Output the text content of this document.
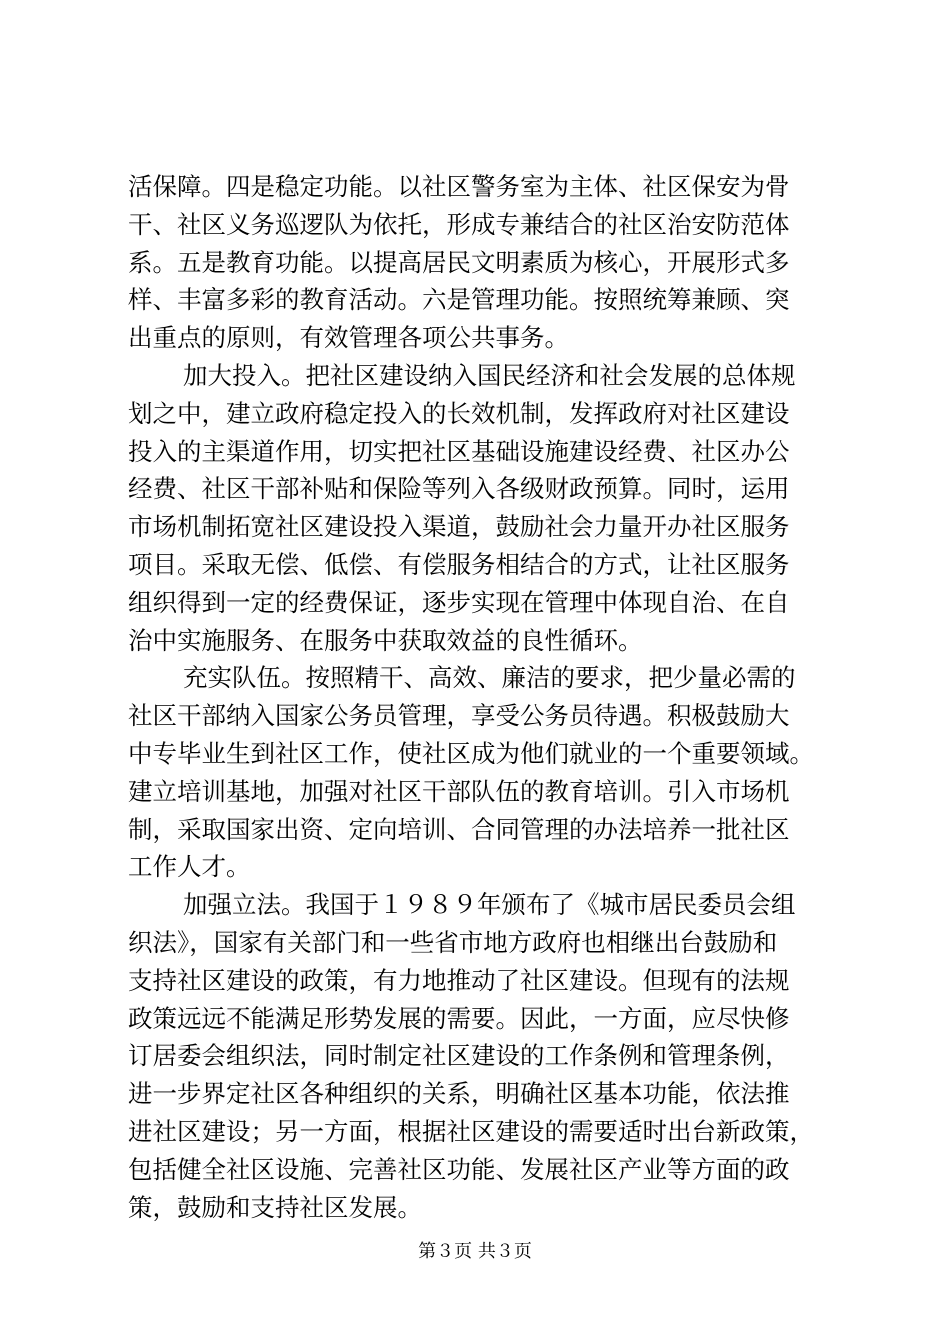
活保障。四是稳定功能。以社区警务室为主体、社区保安为骨
干、社区义务巡逻队为依托，形成专兼结合的社区治安防范体
系。五是教育功能。以提高居民文明素质为核心，开展形式多
样、丰富多彩的教育活动。六是管理功能。按照统筹兼顾、突
出重点的原则，有效管理各项公共事务。
加大投入。把社区建设纳入国民经济和社会发展的总体规
划之中，建立政府稳定投入的长效机制，发挥政府对社区建设
投入的主渠道作用，切实把社区基础设施建设经费、社区办公
经费、社区干部补贴和保险等列入各级财政预算。同时，运用
市场机制拓宽社区建设投入渠道，鼓励社会力量开办社区服务
项目。采取无偿、低偿、有偿服务相结合的方式，让社区服务
组织得到一定的经费保证，逐步实现在管理中体现自治、在自
治中实施服务、在服务中获取效益的良性循环。
充实队伍。按照精干、高效、廉洁的要求，把少量必需的
社区干部纳入国家公务员管理，享受公务员待遇。积极鼓励大
中专毕业生到社区工作，使社区成为他们就业的一个重要领域。
建立培训基地，加强对社区干部队伍的教育培训。引入市场机
制，采取国家出资、定向培训、合同管理的办法培养一批社区
工作人才。
加强立法。我国于１９８９年颁布了《城市居民委员会组
织法》，国家有关部门和一些省市地方政府也相继出台鼓励和
支持社区建设的政策，有力地推动了社区建设。但现有的法规
政策远远不能满足形势发展的需要。因此，一方面，应尽快修
订居委会组织法，同时制定社区建设的工作条例和管理条例，
进一步界定社区各种组织的关系，明确社区基本功能，依法推
进社区建设；另一方面，根据社区建设的需要适时出台新政策，
包括健全社区设施、完善社区功能、发展社区产业等方面的政
策，鼓励和支持社区发展。
第３页 共３页
